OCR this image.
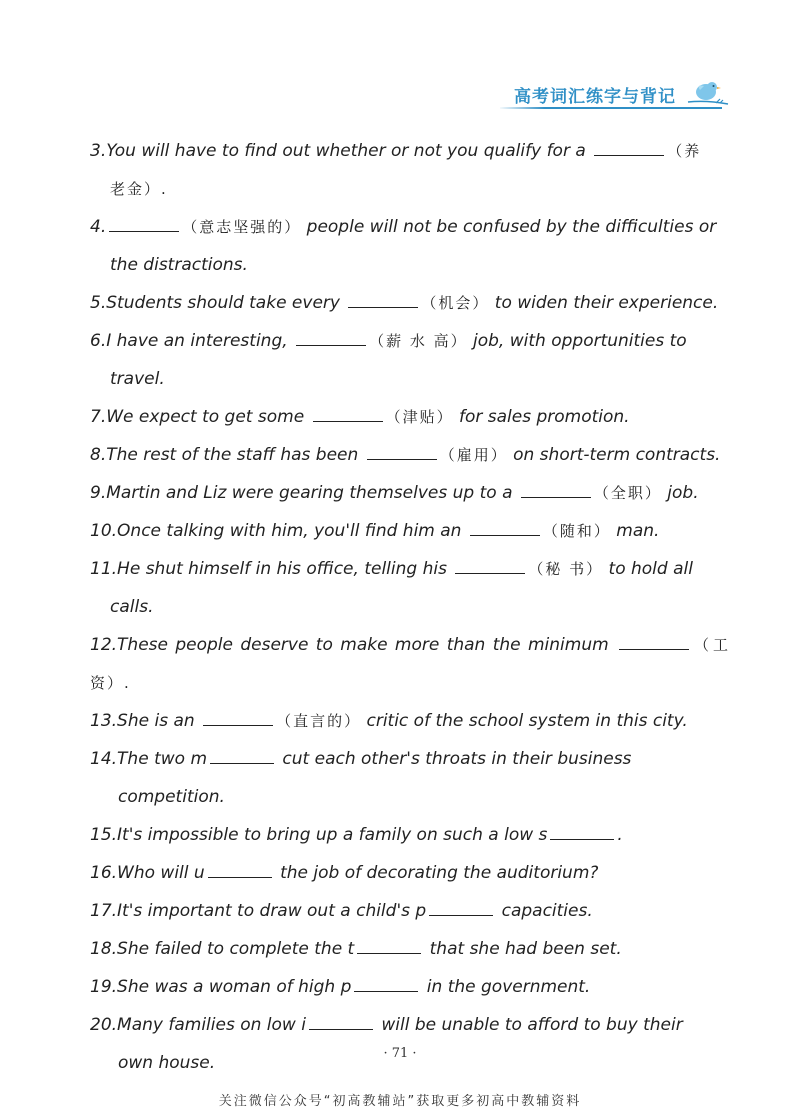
高考词汇练字与背记

3.You will have to find out whether or not you qualify for a	（养

老金）.

4.	（意志坚强的） people will not be confused by the difficulties or

the distractions.

5.Students should take every	（机会） to widen their experience.

6.I have an interesting,	（薪 水 高） job, with opportunities to

travel.

7.We expect to get some	（津贴） for sales promotion.

8.The rest of the staff has been	（雇用） on short-term contracts.

9.Martin and Liz were gearing themselves up to a	（全职） job.

10.Once talking with him, you'll find him an	（随和） man.

11.He shut himself in his office, telling his	（秘 书） to hold all

calls.

12.These people deserve to make more than the minimum	（工资）.

13.She is an	（直言的） critic of the school system in this city.

14.The two m	cut each other's throats in their business

competition.

15.It's impossible to bring up a family on such a low s	.

16.Who will u	the job of decorating the auditorium?

17.It's important to draw out a child's p	capacities.

18.She failed to complete the t	that she had been set.

19.She was a woman of high p	in the government.

20.Many families on low i	will be unable to afford to buy their

own house.	· 71 ·
关注微信公众号“初高教辅站”获取更多初高中教辅资料
